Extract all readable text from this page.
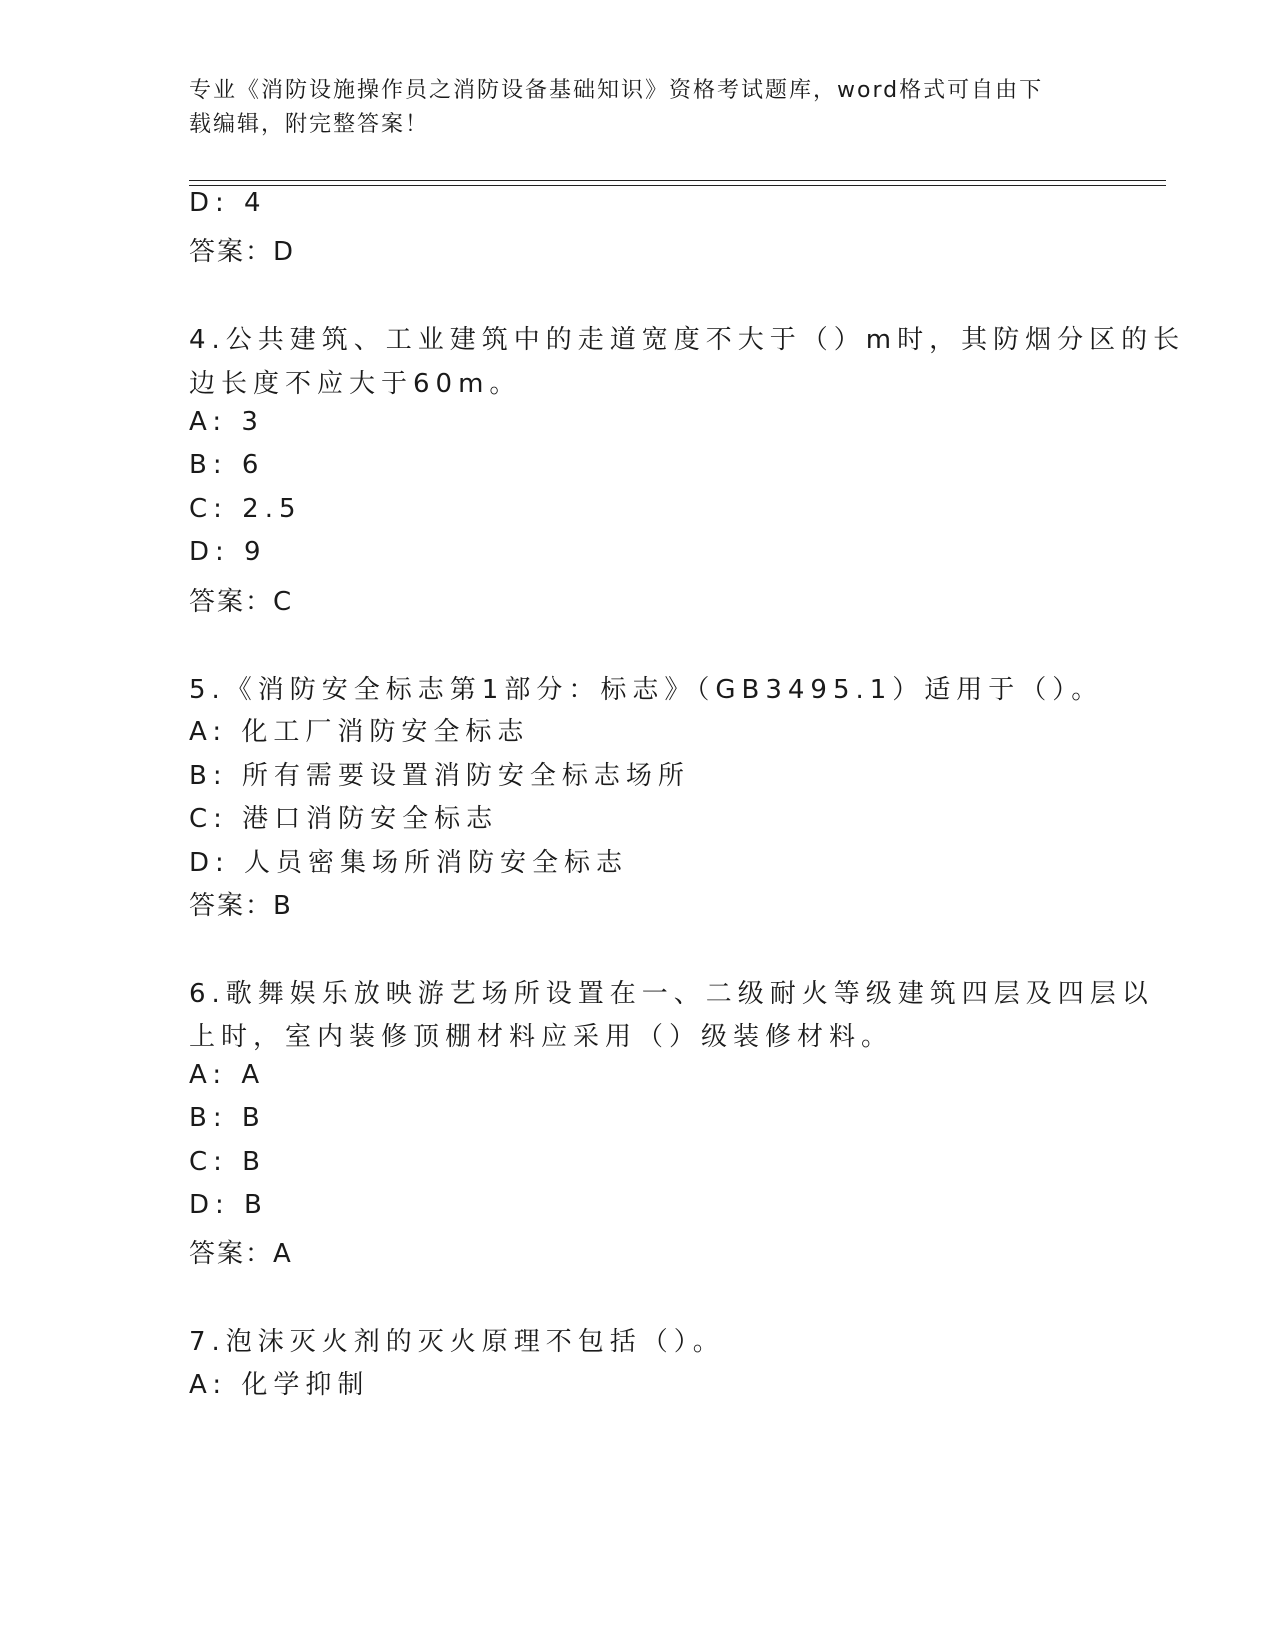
专业《消防设施操作员之消防设备基础知识》资格考试题库，word格式可自由下
载编辑，附完整答案！
D: 4
答案：D
4.公共建筑、工业建筑中的走道宽度不大于（）m时，其防烟分区的长
边长度不应大于60m。
A: 3
B: 6
C: 2.5
D: 9
答案：C
5.《消防安全标志第1部分：标志》（GB3495.1）适用于（）。
A: 化工厂消防安全标志
B: 所有需要设置消防安全标志场所
C: 港口消防安全标志
D: 人员密集场所消防安全标志
答案：B
6.歌舞娱乐放映游艺场所设置在一、二级耐火等级建筑四层及四层以
上时，室内装修顶棚材料应采用（）级装修材料。
A: A
B: B
C: B
D: B
答案：A
7.泡沫灭火剂的灭火原理不包括（）。
A: 化学抑制
